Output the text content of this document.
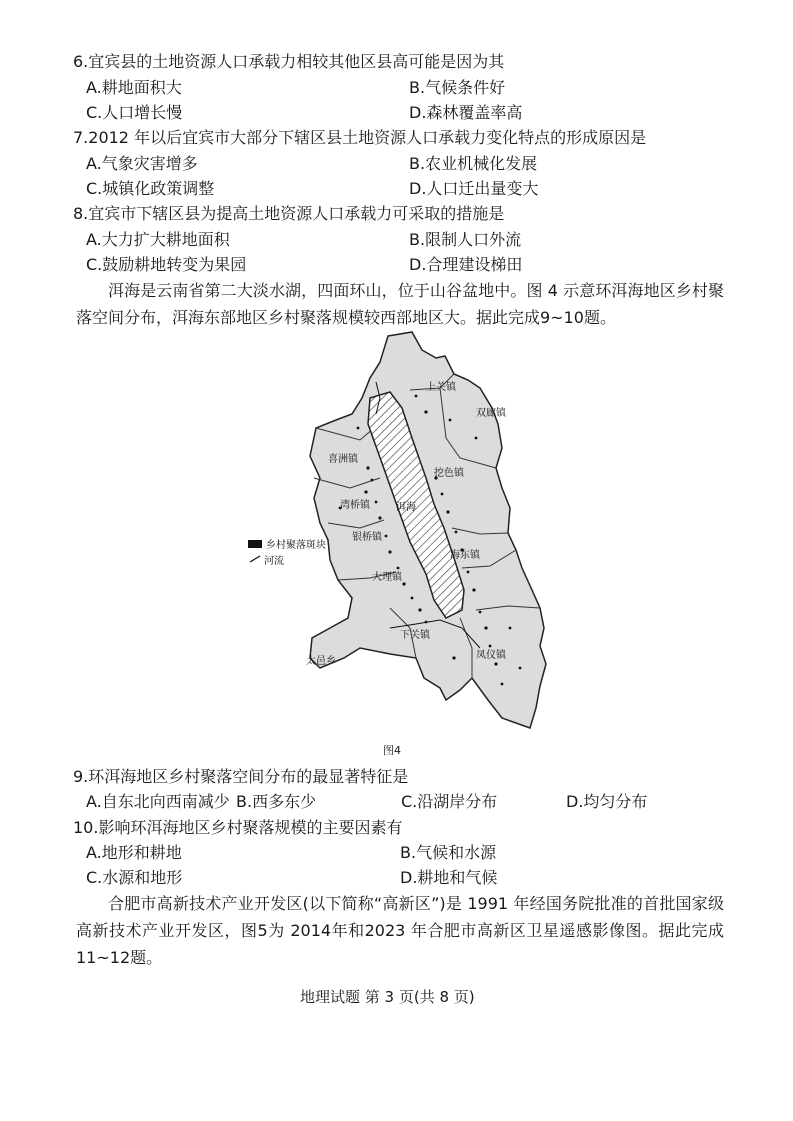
6.宜宾县的土地资源人口承载力相较其他区县高可能是因为其
A.耕地面积大	B.气候条件好
C.人口增长慢	D.森林覆盖率高
7.2012 年以后宜宾市大部分下辖区县土地资源人口承载力变化特点的形成原因是
A.气象灾害增多	B.农业机械化发展
C.城镇化政策调整	D.人口迁出量变大
8.宜宾市下辖区县为提高土地资源人口承载力可采取的措施是
A.大力扩大耕地面积	B.限制人口外流
C.鼓励耕地转变为果园	D.合理建设梯田
洱海是云南省第二大淡水湖，四面环山，位于山谷盆地中。图 4 示意环洱海地区乡村聚落空间分布，洱海东部地区乡村聚落规模较西部地区大。据此完成9~10题。
上关镇
双廊镇
喜洲镇
挖色镇
湾桥镇	洱海
银桥镇
海东镇
大理镇
下关镇
凤仪镇
太邑乡
乡村聚落斑块
河流
图4
9.环洱海地区乡村聚落空间分布的最显著特征是
A.自东北向西南减少 B.西多东少	C.沿湖岸分布	D.均匀分布
10.影响环洱海地区乡村聚落规模的主要因素有
A.地形和耕地	B.气候和水源
C.水源和地形	D.耕地和气候
合肥市高新技术产业开发区(以下简称“高新区”)是 1991 年经国务院批准的首批国家级高新技术产业开发区，图5为 2014年和2023 年合肥市高新区卫星遥感影像图。据此完成11~12题。
地理试题 第 3 页(共 8 页)
